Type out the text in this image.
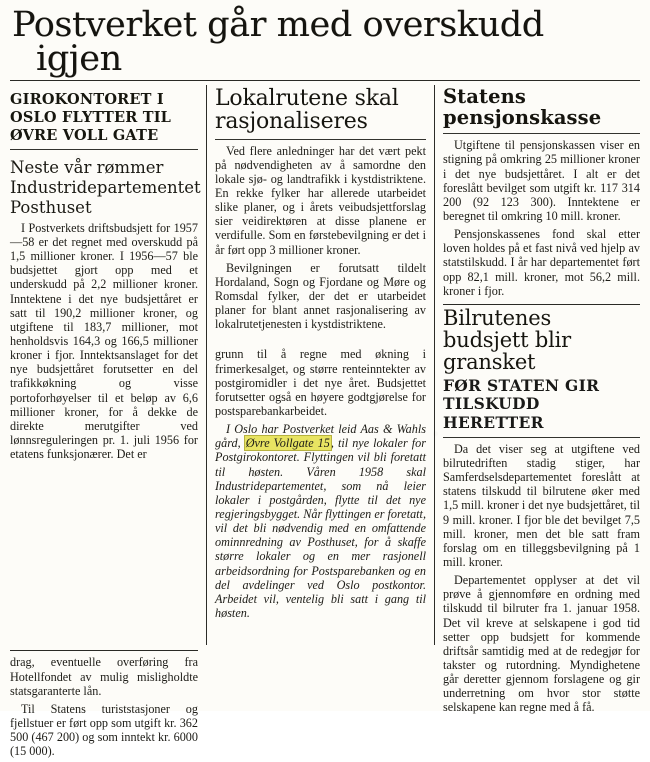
Postverket går med overskudd
igjen
GIROKONTORET I OSLO FLYTTER TIL ØVRE VOLL GATE
Neste vår rømmer Industridepartementet Posthuset

I Postverkets driftsbudsjett for 1957—58 er det regnet med overskudd på 1,5 millioner kroner. I 1956—57 ble budsjettet gjort opp med et underskudd på 2,2 millioner kroner. Inntektene i det nye budsjettåret er satt til 190,2 millioner kroner, og utgiftene til 183,7 millioner, mot henholdsvis 164,3 og 166,5 millioner kroner i fjor. Inntektsanslaget for det nye budsjettåret forutsetter en del trafikkøkning og visse portoforhøyelser til et beløp av 6,6 millioner kroner, for å dekke de direkte merutgifter ved lønnsreguleringen pr. 1. juli 1956 for etatens funksjonærer. Det er

Lokalrutene skal rasjonaliseres

Ved flere anledninger har det vært pekt på nødvendigheten av å samordne den lokale sjø- og landtrafikk i kystdistriktene. En rekke fylker har allerede utarbeidet slike planer, og i årets veibudsjettforslag sier veidirektøren at disse planene er verdifulle. Som en førstebevilgning er det i år ført opp 3 millioner kroner.

Bevilgningen er forutsatt tildelt Hordaland, Sogn og Fjordane og Møre og Romsdal fylker, der det er utarbeidet planer for blant annet rasjonalisering av lokalrutetjenesten i kystdistriktene.

grunn til å regne med økning i frimerkesalget, og større renteinntekter av postgiromidler i det nye året. Budsjettet forutsetter også en høyere godtgjørelse for postsparebankarbeidet.

I Oslo har Postverket leid Aas & Wahls gård, Øvre Vollgate 15, til nye lokaler for Postgirokontoret. Flyttingen vil bli foretatt til høsten. Våren 1958 skal Industridepartementet, som nå leier lokaler i postgården, flytte til det nye regjeringsbygget. Når flyttingen er foretatt, vil det bli nødvendig med en omfattende ominnredning av Posthuset, for å skaffe større lokaler og en mer rasjonell arbeidsordning for Postsparebanken og en del avdelinger ved Oslo postkontor. Arbeidet vil, ventelig bli satt i gang til høsten.

Statens pensjonskasse

Utgiftene til pensjonskassen viser en stigning på omkring 25 millioner kroner i det nye budsjettåret. I alt er det foreslått bevilget som utgift kr. 117 314 200 (92 123 300). Inntektene er beregnet til omkring 10 mill. kroner.

Pensjonskassenes fond skal etter loven holdes på et fast nivå ved hjelp av statstilskudd. I år har departementet ført opp 82,1 mill. kroner, mot 56,2 mill. kroner i fjor.

Bilrutenes budsjett blir gransket
FØR STATEN GIR TILSKUDD HERETTER

Da det viser seg at utgiftene ved bilrutedriften stadig stiger, har Samferdselsdepartementet foreslått at statens tilskudd til bilrutene øker med 1,5 mill. kroner i det nye budsjettåret, til 9 mill. kroner. I fjor ble det bevilget 7,5 mill. kroner, men det ble satt fram forslag om en tilleggsbevilgning på 1 mill. kroner.

Departementet opplyser at det vil prøve å gjennomføre en ordning med tilskudd til bilruter fra 1. januar 1958. Det vil kreve at selskapene i god tid setter opp budsjett for kommende driftsår samtidig med at de redegjør for takster og rutordning. Myndighetene går deretter gjennom forslagene og gir underretning om hvor stor støtte selskapene kan regne med å få.

drag, eventuelle overføring fra Hotellfondet av mulig misligholdte statsgaranterte lån.

Til Statens turiststasjoner og fjellstuer er ført opp som utgift kr. 362 500 (467 200) og som inntekt kr. 6000 (15 000).
